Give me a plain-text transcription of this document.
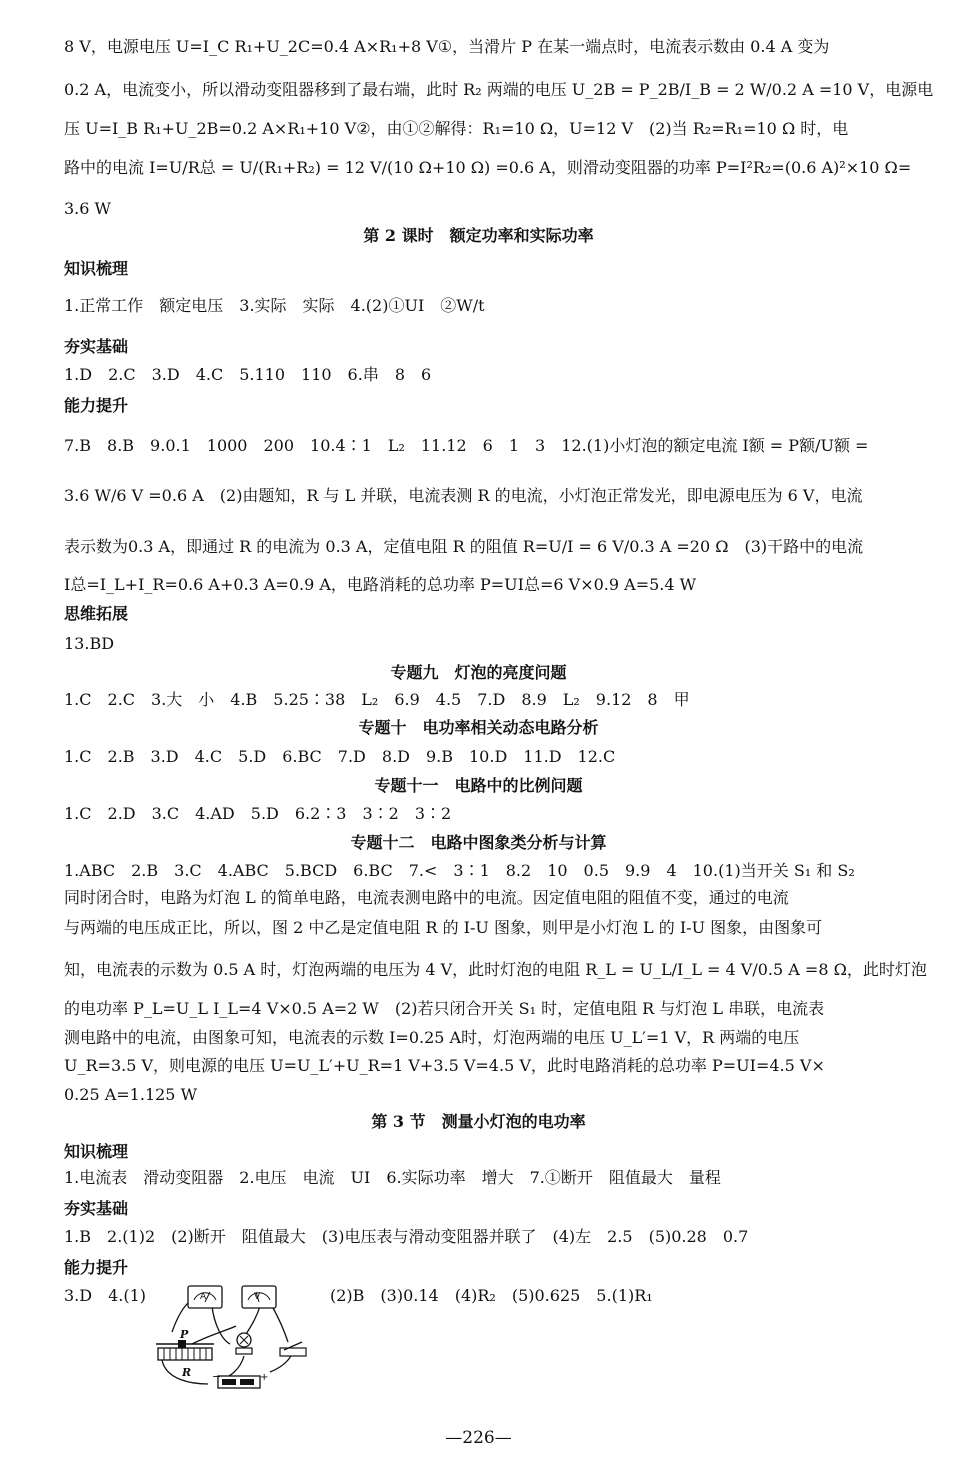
8 V，电源电压 U=I_C R₁+U_2C=0.4 A×R₁+8 V①，当滑片 P 在某一端点时，电流表示数由 0.4 A 变为
0.2 A，电流变小，所以滑动变阻器移到了最右端，此时 R₂ 两端的电压 U_2B = P_2B/I_B = 2 W/0.2 A =10 V，电源电
压 U=I_B R₁+U_2B=0.2 A×R₁+10 V②，由①②解得：R₁=10 Ω，U=12 V　(2)当 R₂=R₁=10 Ω 时，电
路中的电流 I=U/R总 = U/(R₁+R₂) = 12 V/(10 Ω+10 Ω) =0.6 A，则滑动变阻器的功率 P=I²R₂=(0.6 A)²×10 Ω=
3.6 W
第 2 课时　额定功率和实际功率
知识梳理
1.正常工作　额定电压　3.实际　实际　4.(2)①UI　②W/t
夯实基础
1.D　2.C　3.D　4.C　5.110　110　6.串　8　6
能力提升
7.B　8.B　9.0.1　1000　200　10.4∶1　L₂　11.12　6　1　3　12.(1)小灯泡的额定电流 I额 = P额/U额 =
3.6 W/6 V =0.6 A　(2)由题知，R 与 L 并联，电流表测 R 的电流，小灯泡正常发光，即电源电压为 6 V，电流
表示数为0.3 A，即通过 R 的电流为 0.3 A，定值电阻 R 的阻值 R=U/I = 6 V/0.3 A =20 Ω　(3)干路中的电流
I总=I_L+I_R=0.6 A+0.3 A=0.9 A，电路消耗的总功率 P=UI总=6 V×0.9 A=5.4 W
思维拓展
13.BD
专题九　灯泡的亮度问题
1.C　2.C　3.大　小　4.B　5.25∶38　L₂　6.9　4.5　7.D　8.9　L₂　9.12　8　甲
专题十　电功率相关动态电路分析
1.C　2.B　3.D　4.C　5.D　6.BC　7.D　8.D　9.B　10.D　11.D　12.C
专题十一　电路中的比例问题
1.C　2.D　3.C　4.AD　5.D　6.2∶3　3∶2　3∶2
专题十二　电路中图象类分析与计算
1.ABC　2.B　3.C　4.ABC　5.BCD　6.BC　7.<　3∶1　8.2　10　0.5　9.9　4　10.(1)当开关 S₁ 和 S₂
同时闭合时，电路为灯泡 L 的简单电路，电流表测电路中的电流。因定值电阻的阻值不变，通过的电流
与两端的电压成正比，所以，图 2 中乙是定值电阻 R 的 I-U 图象，则甲是小灯泡 L 的 I-U 图象，由图象可
知，电流表的示数为 0.5 A 时，灯泡两端的电压为 4 V，此时灯泡的电阻 R_L = U_L/I_L = 4 V/0.5 A =8 Ω，此时灯泡
的电功率 P_L=U_L I_L=4 V×0.5 A=2 W　(2)若只闭合开关 S₁ 时，定值电阻 R 与灯泡 L 串联，电流表
测电路中的电流，由图象可知，电流表的示数 I=0.25 A时，灯泡两端的电压 U_L′=1 V，R 两端的电压
U_R=3.5 V，则电源的电压 U=U_L′+U_R=1 V+3.5 V=4.5 V，此时电路消耗的总功率 P=UI=4.5 V×
0.25 A=1.125 W
第 3 节　测量小灯泡的电功率
知识梳理
1.电流表　滑动变阻器　2.电压　电流　UI　6.实际功率　增大　7.①断开　阻值最大　量程
夯实基础
1.B　2.(1)2　(2)断开　阻值最大　(3)电压表与滑动变阻器并联了　(4)左　2.5　(5)0.28　0.7
能力提升
3.D　4.(1)	(2)B　(3)0.14　(4)R₂　(5)0.625　5.(1)R₁
A	V
P
R −	+
—226—
